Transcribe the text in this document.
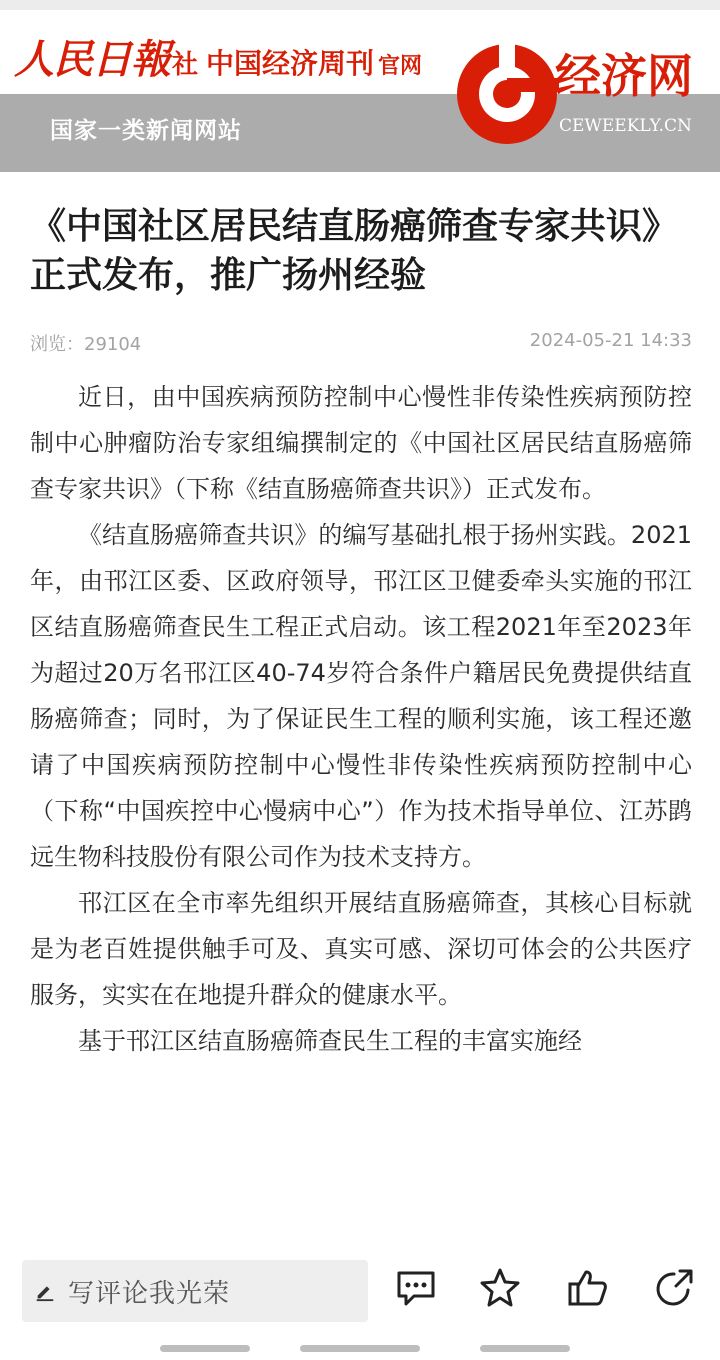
人民日報 社 中国经济周刊 官网
国家一类新闻网站
经济网
CEWEEKLY.CN
《中国社区居民结直肠癌筛查专家共识》正式发布，推广扬州经验
浏览：29104	2024-05-21 14:33

近日，由中国疾病预防控制中心慢性非传染性疾病预防控制中心肿瘤防治专家组编撰制定的《中国社区居民结直肠癌筛查专家共识》（下称《结直肠癌筛查共识》）正式发布。

《结直肠癌筛查共识》的编写基础扎根于扬州实践。2021年，由邗江区委、区政府领导，邗江区卫健委牵头实施的邗江区结直肠癌筛查民生工程正式启动。该工程2021年至2023年为超过20万名邗江区40-74岁符合条件户籍居民免费提供结直肠癌筛查；同时，为了保证民生工程的顺利实施，该工程还邀请了中国疾病预防控制中心慢性非传染性疾病预防控制中心（下称“中国疾控中心慢病中心”）作为技术指导单位、江苏鹍远生物科技股份有限公司作为技术支持方。

邗江区在全市率先组织开展结直肠癌筛查，其核心目标就是为老百姓提供触手可及、真实可感、深切可体会的公共医疗服务，实实在在地提升群众的健康水平。

基于邗江区结直肠癌筛查民生工程的丰富实施经

写评论我光荣
